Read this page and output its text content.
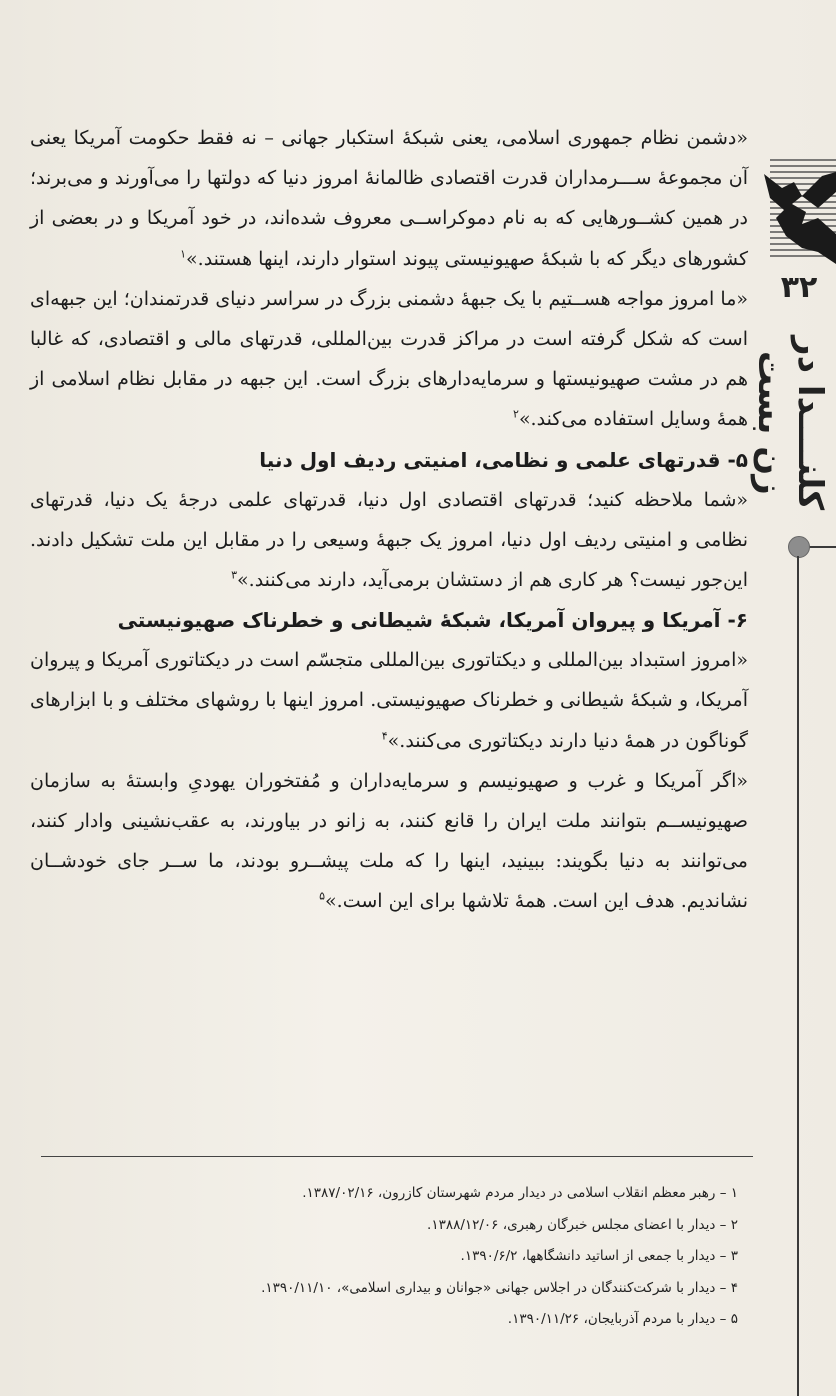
«دشمن نظام جمهوری اسلامی، یعنی شبکهٔ استکبار جهانی – نه فقط حکومت آمریکا یعنی آن مجموعهٔ ســـرمداران قدرت اقتصادی ظالمانهٔ امروز دنیا که دولتها را می‌آورند و می‌برند؛ در همین کشــورهایی که به نام دموکراســی معروف شده‌اند، در خود آمریکا و در بعضی از کشورهای دیگر که با شبکهٔ صهیونیستی پیوند استوار دارند، اینها هستند.»$^۱$

«ما امروز مواجه هســتیم با یک جبههٔ دشمنی بزرگ در سراسر دنیای قدرتمندان؛ این جبهه‌ای است که شکل گرفته است در مراکز قدرت بین‌المللی، قدرتهای مالی و اقتصادی، که غالبا هم در مشت صهیونیستها و سرمایه‌دارهای بزرگ است. این جبهه در مقابل نظام اسلامی از همهٔ وسایل استفاده می‌کند.»$^۲$

۵- قدرتهای علمی و نظامی، امنیتی ردیف اول دنیا

«شما ملاحظه کنید؛ قدرتهای اقتصادی اول دنیا، قدرتهای علمی درجهٔ یک دنیا، قدرتهای نظامی و امنیتی ردیف اول دنیا، امروز یک جبههٔ وسیعی را در مقابل این ملت تشکیل دادند. این‌جور نیست؟ هر کاری هم از دستشان برمی‌آید، دارند می‌کنند.»$^۳$

۶- آمریکا و پیروان آمریکا، شبکهٔ شیطانی و خطرناک صهیونیستی

«امروز استبداد بین‌المللی و دیکتاتوری بین‌المللی متجسّم است در دیکتاتوری آمریکا و پیروان آمریکا، و شبکهٔ شیطانی و خطرناک صهیونیستی. امروز اینها با روشهای مختلف و با ابزارهای گوناگون در همهٔ دنیا دارند دیکتاتوری می‌کنند.»$^۴$

«اگر آمریکا و غرب و صهیونیسم و سرمایه‌داران و مُفتخوران یهودیِ وابستهٔ به سازمان صهیونیســم بتوانند ملت ایران را قانع کنند، به زانو در بیاورند، به عقب‌نشینی وادار کنند، می‌توانند به دنیا بگویند: ببینید، اینها را که ملت پیشــرو بودند، ما ســر جای خودشــان نشاندیم. هدف این است. همهٔ تلاشها برای این است.»$^۵$

۳۲
کلنــــدا در زن بست

۱ – رهبر معظم انقلاب اسلامی در دیدار مردم شهرستان کازرون، ۱۳۸۷/۰۲/۱۶.

۲ – دیدار با اعضای مجلس خبرگان رهبری، ۱۳۸۸/۱۲/۰۶.

۳ – دیدار با جمعی از اساتید دانشگاهها، ۱۳۹۰/۶/۲.

۴ – دیدار با شرکت‌کنندگان در اجلاس جهانی «جوانان و بیداری اسلامی»، ۱۳۹۰/۱۱/۱۰.

۵ – دیدار با مردم آذربایجان، ۱۳۹۰/۱۱/۲۶.
